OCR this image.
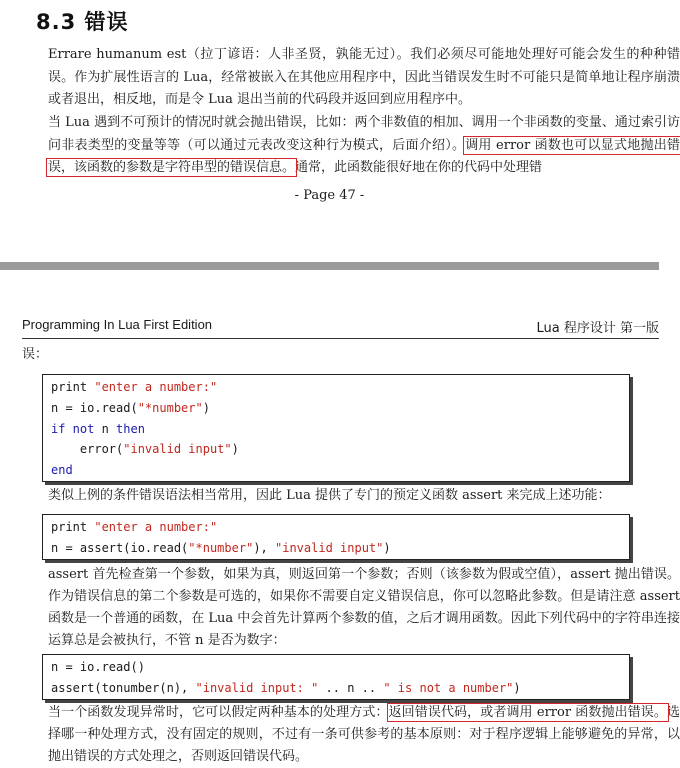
8.3 错误

Errare humanum est（拉丁谚语：人非圣贤，孰能无过）。我们必须尽可能地处理好可能会发生的种种错误。作为扩展性语言的 Lua，经常被嵌入在其他应用程序中，因此当错误发生时不可能只是简单地让程序崩溃或者退出，相反地，而是令 Lua 退出当前的代码段并返回到应用程序中。

当 Lua 遇到不可预计的情况时就会抛出错误，比如：两个非数值的相加、调用一个非函数的变量、通过索引访问非表类型的变量等等（可以通过元表改变这种行为模式，后面介绍）。调用 error 函数也可以显式地抛出错误，该函数的参数是字符串型的错误信息。通常，此函数能很好地在你的代码中处理错

- Page 47 -
Programming In Lua First Edition	Lua 程序设计 第一版
误：
print "enter a number:"
n = io.read("*number")
if not n then
error("invalid input")
end

类似上例的条件错误语法相当常用，因此 Lua 提供了专门的预定义函数 assert 来完成上述功能：

print "enter a number:"
n = assert(io.read("*number"), "invalid input")

assert 首先检查第一个参数，如果为真，则返回第一个参数；否则（该参数为假或空值），assert 抛出错误。作为错误信息的第二个参数是可选的，如果你不需要自定义错误信息，你可以忽略此参数。但是请注意 assert 函数是一个普通的函数，在 Lua 中会首先计算两个参数的值，之后才调用函数。因此下列代码中的字符串连接运算总是会被执行，不管 n 是否为数字：

n = io.read()
assert(tonumber(n), "invalid input: " .. n .. " is not a number")

当一个函数发现异常时，它可以假定两种基本的处理方式：返回错误代码，或者调用 error 函数抛出错误。选择哪一种处理方式，没有固定的规则，不过有一条可供参考的基本原则：对于程序逻辑上能够避免的异常，以抛出错误的方式处理之，否则返回错误代码。
